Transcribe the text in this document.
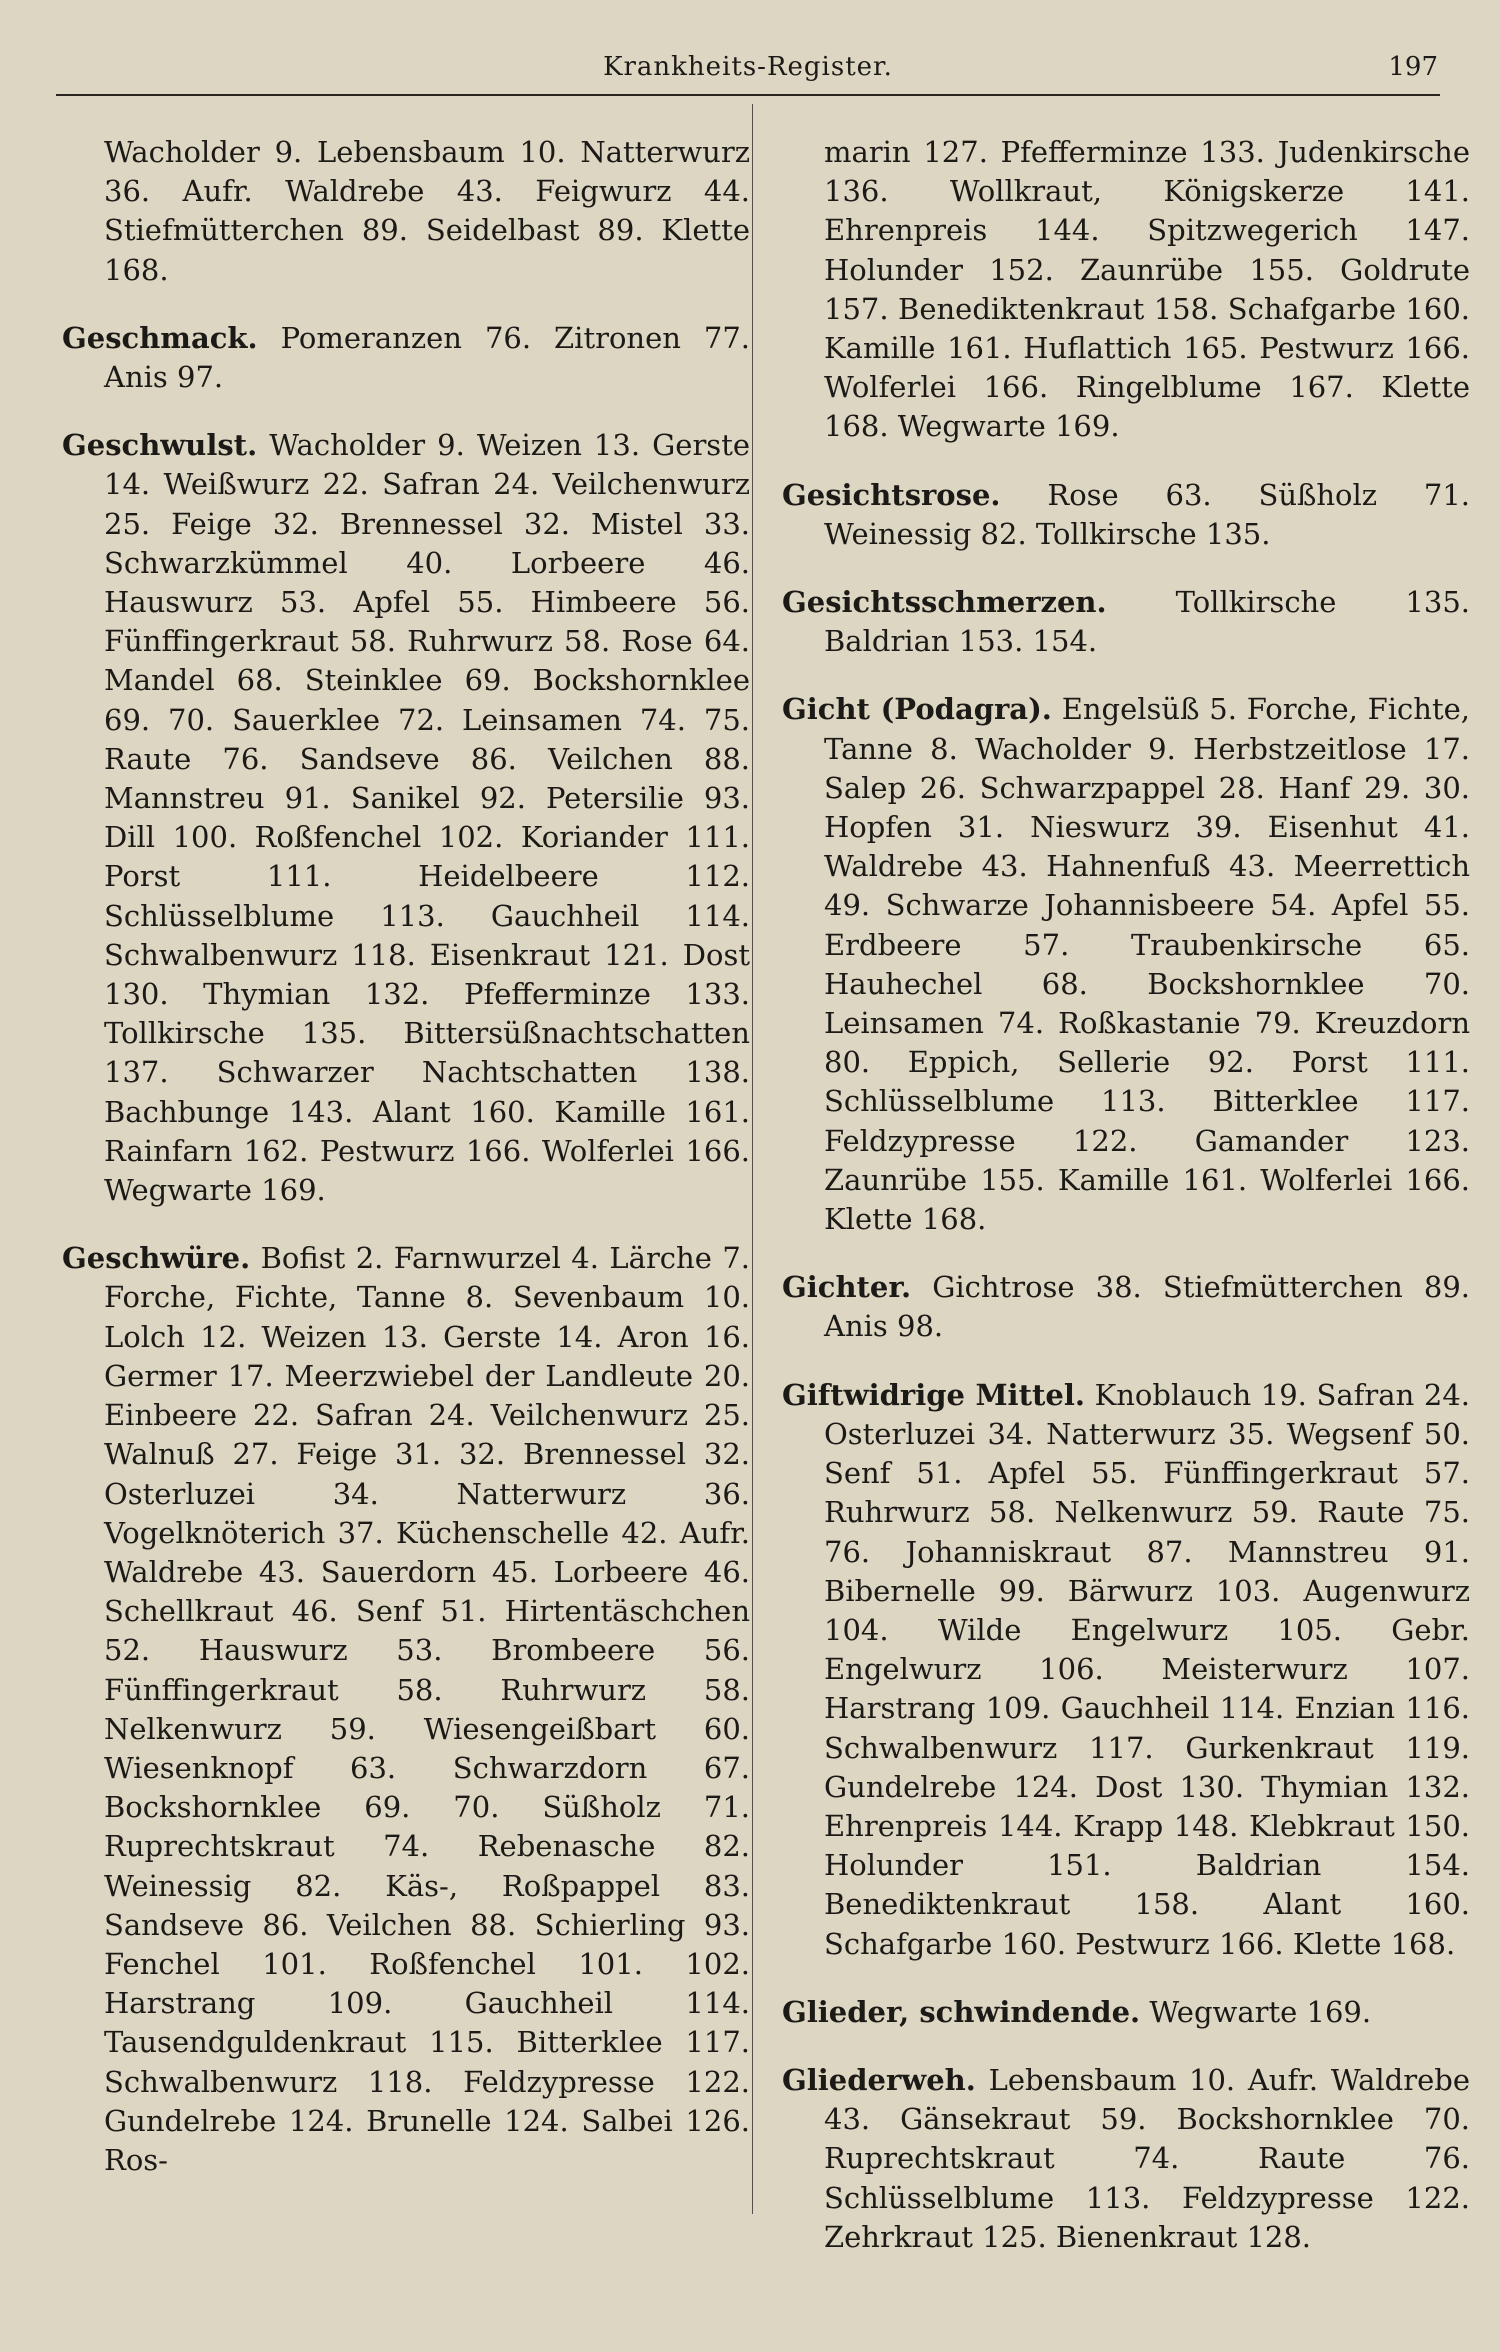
Krankheits-Register.	197

Wacholder 9. Lebensbaum 10. Natterwurz 36. Aufr. Waldrebe 43. Feigwurz 44. Stiefmütterchen 89. Seidelbast 89. Klette 168.

Geschmack. Pomeranzen 76. Zitronen 77. Anis 97.

Geschwulst. Wacholder 9. Weizen 13. Gerste 14. Weißwurz 22. Safran 24. Veilchenwurz 25. Feige 32. Brennessel 32. Mistel 33. Schwarzkümmel 40. Lorbeere 46. Hauswurz 53. Apfel 55. Himbeere 56. Fünffingerkraut 58. Ruhrwurz 58. Rose 64. Mandel 68. Steinklee 69. Bockshornklee 69. 70. Sauerklee 72. Leinsamen 74. 75. Raute 76. Sandseve 86. Veilchen 88. Mannstreu 91. Sanikel 92. Petersilie 93. Dill 100. Roßfenchel 102. Koriander 111. Porst 111. Heidelbeere 112. Schlüsselblume 113. Gauchheil 114. Schwalbenwurz 118. Eisenkraut 121. Dost 130. Thymian 132. Pfefferminze 133. Tollkirsche 135. Bittersüßnachtschatten 137. Schwarzer Nachtschatten 138. Bachbunge 143. Alant 160. Kamille 161. Rainfarn 162. Pestwurz 166. Wolferlei 166. Wegwarte 169.

Geschwüre. Bofist 2. Farnwurzel 4. Lärche 7. Forche, Fichte, Tanne 8. Sevenbaum 10. Lolch 12. Weizen 13. Gerste 14. Aron 16. Germer 17. Meerzwiebel der Landleute 20. Einbeere 22. Safran 24. Veilchenwurz 25. Walnuß 27. Feige 31. 32. Brennessel 32. Osterluzei 34. Natterwurz 36. Vogelknöterich 37. Küchenschelle 42. Aufr. Waldrebe 43. Sauerdorn 45. Lorbeere 46. Schellkraut 46. Senf 51. Hirtentäschchen 52. Hauswurz 53. Brombeere 56. Fünffingerkraut 58. Ruhrwurz 58. Nelkenwurz 59. Wiesengeißbart 60. Wiesenknopf 63. Schwarzdorn 67. Bockshornklee 69. 70. Süßholz 71. Ruprechtskraut 74. Rebenasche 82. Weinessig 82. Käs-, Roßpappel 83. Sandseve 86. Veilchen 88. Schierling 93. Fenchel 101. Roßfenchel 101. 102. Harstrang 109. Gauchheil 114. Tausendguldenkraut 115. Bitterklee 117. Schwalbenwurz 118. Feldzypresse 122. Gundelrebe 124. Brunelle 124. Salbei 126. Ros-

marin 127. Pfefferminze 133. Judenkirsche 136. Wollkraut, Königskerze 141. Ehrenpreis 144. Spitzwegerich 147. Holunder 152. Zaunrübe 155. Goldrute 157. Benediktenkraut 158. Schafgarbe 160. Kamille 161. Huflattich 165. Pestwurz 166. Wolferlei 166. Ringelblume 167. Klette 168. Wegwarte 169.

Gesichtsrose. Rose 63. Süßholz 71. Weinessig 82. Tollkirsche 135.

Gesichtsschmerzen. Tollkirsche 135. Baldrian 153. 154.

Gicht (Podagra). Engelsüß 5. Forche, Fichte, Tanne 8. Wacholder 9. Herbstzeitlose 17. Salep 26. Schwarzpappel 28. Hanf 29. 30. Hopfen 31. Nieswurz 39. Eisenhut 41. Waldrebe 43. Hahnenfuß 43. Meerrettich 49. Schwarze Johannisbeere 54. Apfel 55. Erdbeere 57. Traubenkirsche 65. Hauhechel 68. Bockshornklee 70. Leinsamen 74. Roßkastanie 79. Kreuzdorn 80. Eppich, Sellerie 92. Porst 111. Schlüsselblume 113. Bitterklee 117. Feldzypresse 122. Gamander 123. Zaunrübe 155. Kamille 161. Wolferlei 166. Klette 168.

Gichter. Gichtrose 38. Stiefmütterchen 89. Anis 98.

Giftwidrige Mittel. Knoblauch 19. Safran 24. Osterluzei 34. Natterwurz 35. Wegsenf 50. Senf 51. Apfel 55. Fünffingerkraut 57. Ruhrwurz 58. Nelkenwurz 59. Raute 75. 76. Johanniskraut 87. Mannstreu 91. Bibernelle 99. Bärwurz 103. Augenwurz 104. Wilde Engelwurz 105. Gebr. Engelwurz 106. Meisterwurz 107. Harstrang 109. Gauchheil 114. Enzian 116. Schwalbenwurz 117. Gurkenkraut 119. Gundelrebe 124. Dost 130. Thymian 132. Ehrenpreis 144. Krapp 148. Klebkraut 150. Holunder 151. Baldrian 154. Benediktenkraut 158. Alant 160. Schafgarbe 160. Pestwurz 166. Klette 168.

Glieder, schwindende. Wegwarte 169.

Gliederweh. Lebensbaum 10. Aufr. Waldrebe 43. Gänsekraut 59. Bockshornklee 70. Ruprechtskraut 74. Raute 76. Schlüsselblume 113. Feldzypresse 122. Zehrkraut 125. Bienenkraut 128.
